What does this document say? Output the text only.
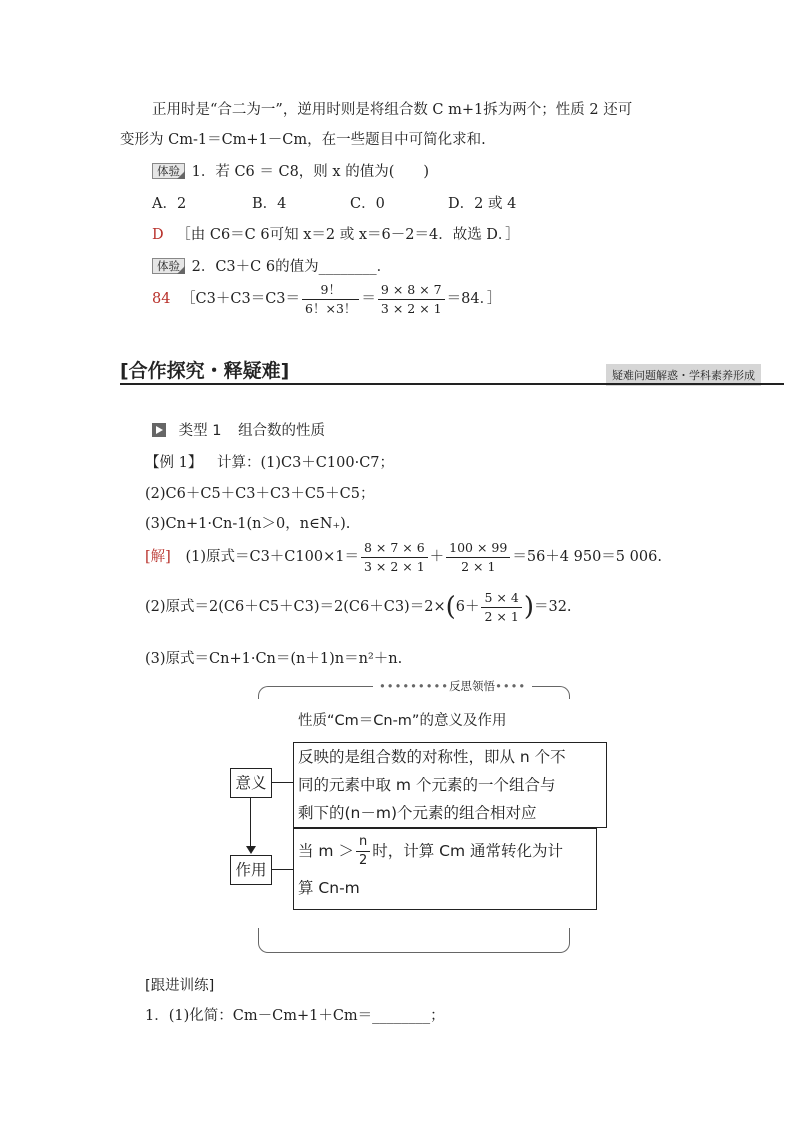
正用时是“合二为一”，逆用时则是将组合数 C m+1拆为两个；性质 2 还可
变形为 Cm-1＝Cm+1－Cm，在一些题目中可简化求和.
体验 1．若 C6 ＝ C8，则 x 的值为(　　)
A．2	B．4	C．0	D．2 或 4
D ［由 C6＝C 6可知 x＝2 或 x＝6－2＝4．故选 D．］
体验 2．C3＋C 6的值为________．
84 ［C3＋C3＝C3＝ $\frac{9!}{6!\times 3!} = \frac{9 \times 8 \times 7}{3 \times 2 \times 1} =84$．］
[合作探究・释疑难]	疑难问题解惑・学科素养形成
类型 1 组合数的性质
【例 1】 计算：(1)C3＋C100·C7；
(2)C6＋C5＋C3＋C3＋C5＋C5；
(3)Cn+1·Cn-1(n＞0，n∈N₊).
[解] (1)原式$=C3+C100\times 1= \frac{8 \times 7 \times 6}{3 \times 2 \times 1} + \frac{100 \times 99}{2 \times 1} =56+4$ 950＝5 006.
(2)原式$=2(C6+C5+C3)=2(C6+C3)=2\times(6+ \frac{5 \times 4}{2 \times 1} )=32$.
(3)原式＝Cn+1·Cn＝(n＋1)n＝n²＋n.
•••••••••反思领悟••••
性质“Cm＝Cn-m”的意义及作用
意义
反映的是组合数的对称性，即从 n 个不
同的元素中取 m 个元素的一个组合与
剩下的(n－m)个元素的组合相对应
作用
当 $m > \frac{n}{2}$ 时，计算 Cm 通常转化为计
算 Cn-m
[跟进训练]
1．(1)化简：Cm－Cm+1＋Cm＝________；
